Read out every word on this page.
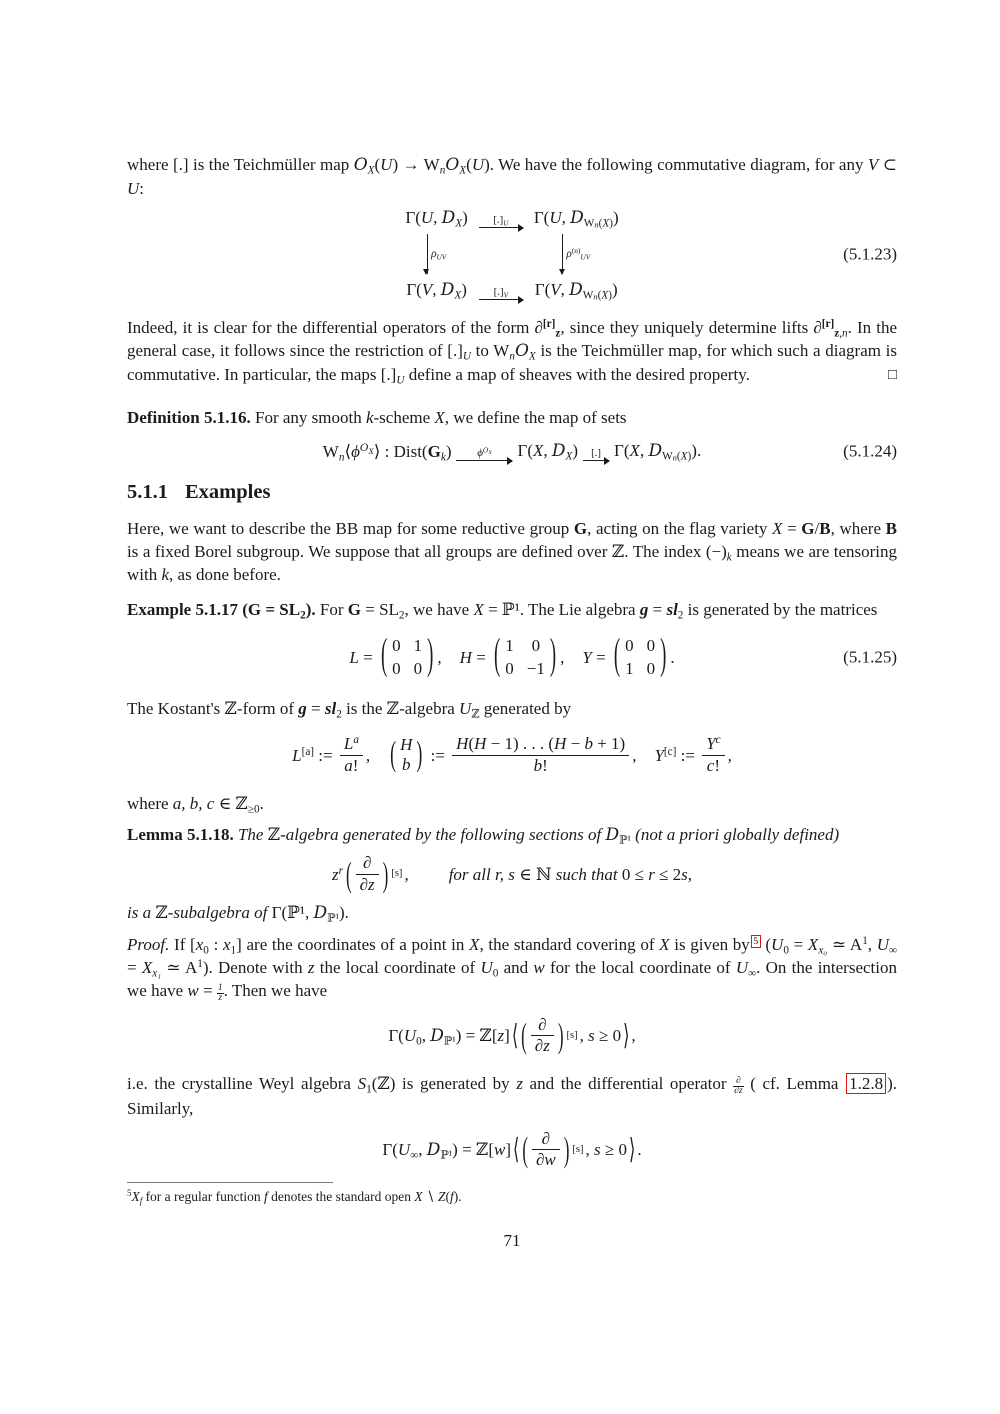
where [.] is the Teichmüller map $O_X(U) \to W_nO_X(U)$. We have the following commutative diagram, for any V ⊂ U:

Γ(U, $D_X$) $[.]_U$ Γ(U, $D_{Wn(X)}$)
$\rho_{UV}$	$\rho^{(n)}_{UV}$
Γ(V, $D_X$) $[.]_V$ Γ(V, $D_{Wn(X)}$)
(5.1.23)

□
Indeed, it is clear for the differential operators of the form $\partial[r]_z$, since they uniquely determine lifts $\partial[r]_{z,n}$. In the general case, it follows since the restriction of $[.]_U$ to $W_nO_X$ is the Teichmüller map, for which such a diagram is commutative. In particular, the maps $[.]_U$ define a map of sheaves with the desired property.

Definition 5.1.16. For any smooth k-scheme X, we define the map of sets

$W_n⟨\phi^OX⟩$ : $Dist(G_k)$ $\phi^OX$ Γ(X, $D_X$) [.] Γ(X, $D_{Wn(X)}$).	(5.1.24)
5.1.1 Examples

Here, we want to describe the BB map for some reductive group G, acting on the flag variety X = G/B, where B is a fixed Borel subgroup. We suppose that all groups are defined over ℤ. The index $(-)_k$ means we are tensoring with k, as done before.

Example 5.1.17 $(G = SL_2)$. For $G = SL_2$, we have X = ℙ¹. The Lie algebra $g = sl_2$ is generated by the matrices

L = ( 0 1
0 0 ) , H = ( 1 0
0 −1 ) , Y = ( 0 0
1 0 ) .	(5.1.25)

The Kostant's ℤ-form of $g = sl_2$ is the ℤ-algebra $U_ℤ$ generated by

L[a] := $\frac{L^a}{a!}$ , ( H
b ) := $\frac{H(H - 1) . . . (H - b + 1)}{b!}$ , Y[c] := $\frac{Y^c}{c!}$ ,

where a, b, c ∈ ℤ$_{\ge 0}$.

Lemma 5.1.18. The ℤ-algebra generated by the following sections of $D_{ℙ^1}$ (not a priori globally defined)

$z^r$ ( ∂
∂z ) [s] , for all r, s ∈ ℕ such that 0 ≤ r ≤ 2s,

is a ℤ-subalgebra of Γ(ℙ¹, $D_{ℙ^1}$).

Proof. If [$x_0$ : $x_1$] are the coordinates of a point in X, the standard covering of X is given by $^5$ ($U_0 = X_{x_0}$ ≃ $A^1$, $U_\infty = X_{x_1}$ ≃ $A^1$). Denote with z the local coordinate of $U_0$ and w for the local coordinate of $U_\infty$. On the intersection we have $w = \frac{1}{z}$ . Then we have

$\Gamma(U_0$, $D_{ℙ^1}$) = ℤ[z] ⟨ ( ∂
∂z ) [s] , s ≥ 0 ⟩ ,

i.e. the crystalline Weyl algebra $S_1(ℤ)$ is generated by z and the differential operator ∂
∂z ( cf. Lemma 1.2.8 ). Similarly,

$\Gamma(U_\infty$, $D_{ℙ^1}$) = ℤ[w] ⟨ ( ∂
∂w ) [s] , s ≥ 0 ⟩ .

$^5X_f$ for a regular function f denotes the standard open X ∖ Z(f).

71
